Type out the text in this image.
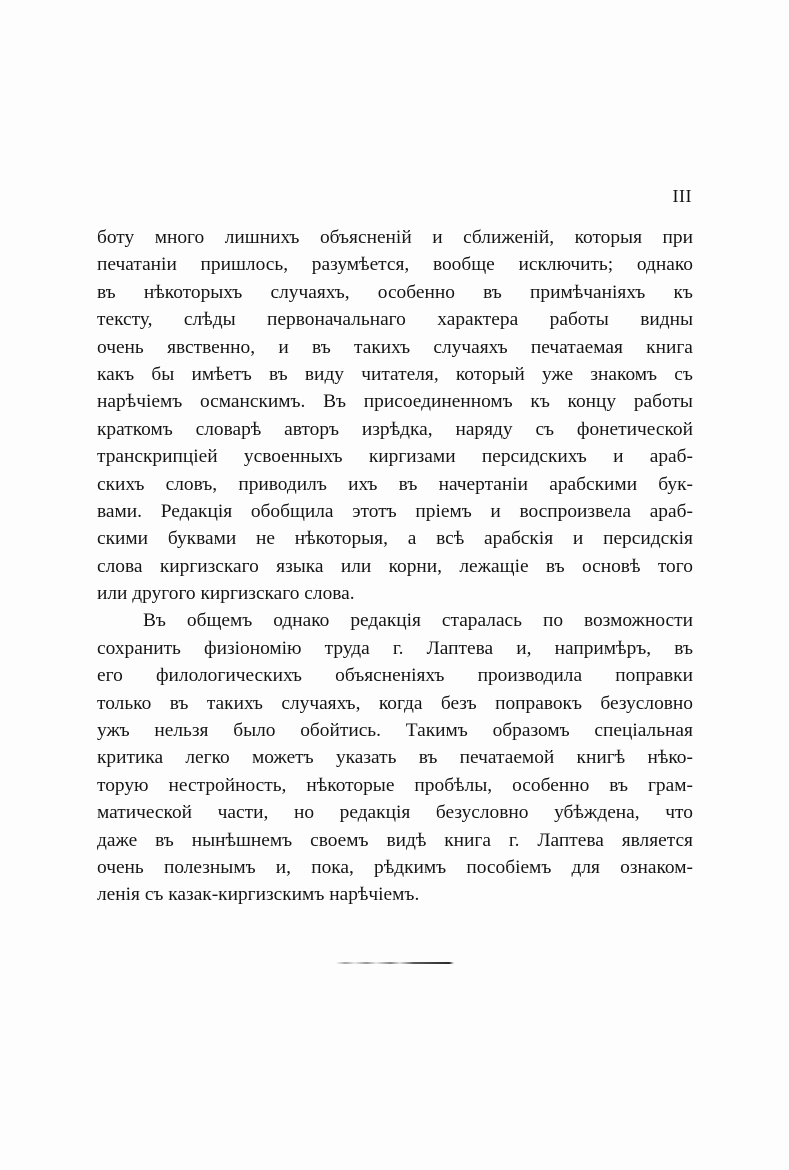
III
боту много лишнихъ объясненій и сближеній, которыя при
печатаніи пришлось, разумѣется, вообще исключить; однако
въ нѣкоторыхъ случаяхъ, особенно въ примѣчаніяхъ къ
тексту, слѣды первоначальнаго характера работы видны
очень явственно, и въ такихъ случаяхъ печатаемая книга
какъ бы имѣетъ въ виду читателя, который уже знакомъ съ
нарѣчіемъ османскимъ. Въ присоединенномъ къ концу работы
краткомъ словарѣ авторъ изрѣдка, наряду съ фонетической
транскрипціей усвоенныхъ киргизами персидскихъ и араб-
скихъ словъ, приводилъ ихъ въ начертаніи арабскими бук-
вами. Редакція обобщила этотъ пріемъ и воспроизвела араб-
скими буквами не нѣкоторыя, а всѣ арабскія и персидскія
слова киргизскаго языка или корни, лежащіе въ основѣ того
или другого киргизскаго слова.
Въ общемъ однако редакція старалась по возможности
сохранить физіономію труда г. Лаптева и, напримѣръ, въ
его филологическихъ объясненіяхъ производила поправки
только въ такихъ случаяхъ, когда безъ поправокъ безусловно
ужъ нельзя было обойтись. Такимъ образомъ спеціальная
критика легко можетъ указать въ печатаемой книгѣ нѣко-
торую нестройность, нѣкоторые пробѣлы, особенно въ грам-
матической части, но редакція безусловно убѣждена, что
даже въ нынѣшнемъ своемъ видѣ книга г. Лаптева является
очень полезнымъ и, пока, рѣдкимъ пособіемъ для ознаком-
ленія съ казак-киргизскимъ нарѣчіемъ.
